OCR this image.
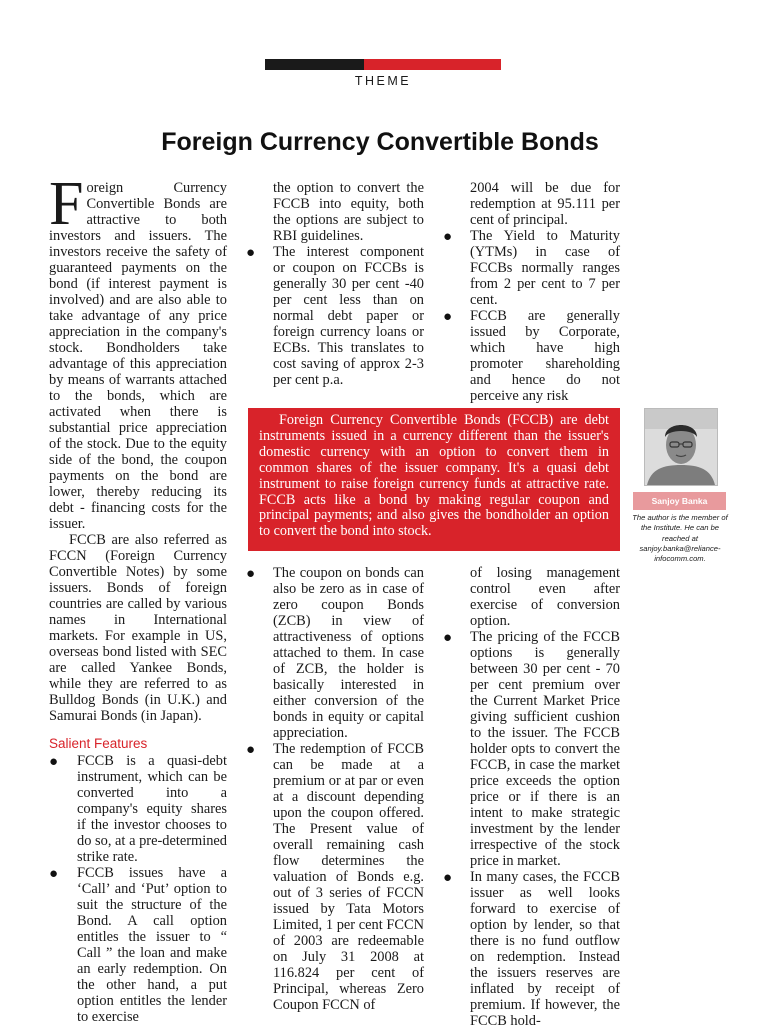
THEME
Foreign Currency Convertible Bonds

Foreign Currency Convertible Bonds are attractive to both investors and issuers. The investors receive the safety of guaranteed payments on the bond (if interest payment is involved) and are also able to take advantage of any price appreciation in the company's stock. Bondholders take advantage of this appreciation by means of warrants attached to the bonds, which are activated when there is substantial price appreciation of the stock. Due to the equity side of the bond, the coupon payments on the bond are lower, thereby reducing its debt - financing costs for the issuer.

FCCB are also referred as FCCN (Foreign Currency Convertible Notes) by some issuers. Bonds of foreign countries are called by various names in International markets. For example in US, overseas bond listed with SEC are called Yankee Bonds, while they are referred to as Bulldog Bonds (in U.K.) and Samurai Bonds (in Japan).

Salient Features

● FCCB is a quasi-debt instrument, which can be converted into a company's equity shares if the investor chooses to do so, at a pre-determined strike rate.
● FCCB issues have a ‘Call’ and ‘Put’ option to suit the structure of the Bond. A call option entitles the issuer to “ Call ” the loan and make an early redemption. On the other hand, a put option entitles the lender to exercise

the option to convert the FCCB into equity, both the options are subject to RBI guidelines.

● The interest component or coupon on FCCBs is generally 30 per cent -40 per cent less than on normal debt paper or foreign currency loans or ECBs. This translates to cost saving of approx 2-3 per cent p.a.

2004 will be due for redemption at 95.111 per cent of principal.

● The Yield to Maturity (YTMs) in case of FCCBs normally ranges from 2 per cent to 7 per cent.
● FCCB are generally issued by Corporate, which have high promoter shareholding and hence do not perceive any risk

Foreign Currency Convertible Bonds (FCCB) are debt instruments issued in a currency different than the issuer's domestic currency with an option to convert them in common shares of the issuer company. It's a quasi debt instrument to raise foreign currency funds at attractive rate. FCCB acts like a bond by making regular coupon and principal payments; and also gives the bondholder an option to convert the bond into stock.

Sanjoy Banka

The author is the member of the Institute. He can be reached at sanjoy.banka@reliance-infocomm.com.

● The coupon on bonds can also be zero as in case of zero coupon Bonds (ZCB) in view of attractiveness of options attached to them. In case of ZCB, the holder is basically interested in either conversion of the bonds in equity or capital appreciation.
● The redemption of FCCB can be made at a premium or at par or even at a discount depending upon the coupon offered. The Present value of overall remaining cash flow determines the valuation of Bonds e.g. out of 3 series of FCCN issued by Tata Motors Limited, 1 per cent FCCN of 2003 are redeemable on July 31 2008 at 116.824 per cent of Principal, whereas Zero Coupon FCCN of

of losing management control even after exercise of conversion option.

● The pricing of the FCCB options is generally between 30 per cent - 70 per cent premium over the Current Market Price giving sufficient cushion to the issuer. The FCCB holder opts to convert the FCCB, in case the market price exceeds the option price or if there is an intent to make strategic investment by the lender irrespective of the stock price in market.
● In many cases, the FCCB issuer as well looks forward to exercise of option by lender, so that there is no fund outflow on redemption. Instead the issuers reserves are inflated by receipt of premium. If however, the FCCB hold-
